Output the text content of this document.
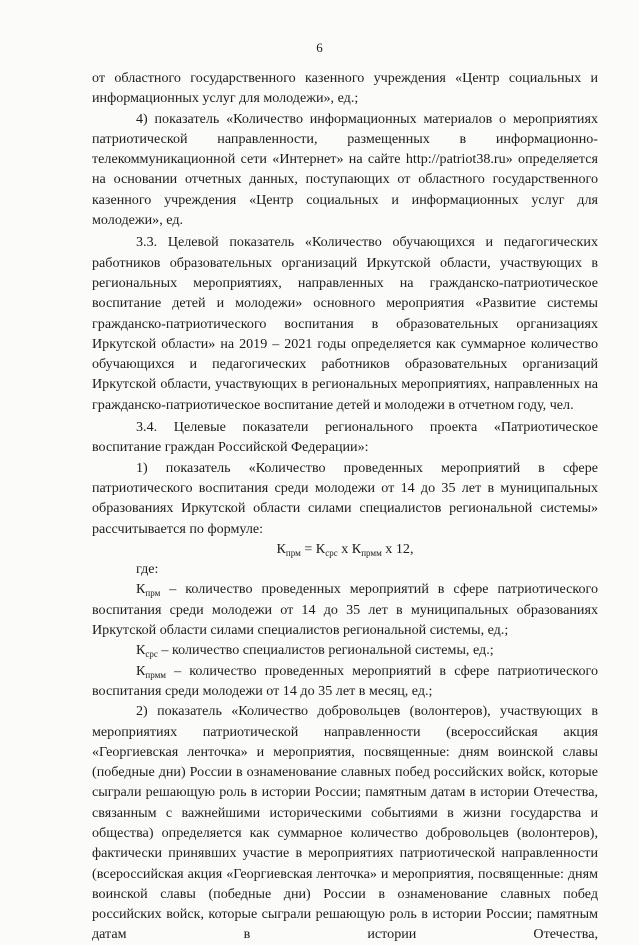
6

от областного государственного казенного учреждения «Центр социальных и информационных услуг для молодежи», ед.;

4) показатель «Количество информационных материалов о мероприятиях патриотической направленности, размещенных в информационно-телекоммуникационной сети «Интернет» на сайте http://patriot38.ru» определяется на основании отчетных данных, поступающих от областного государственного казенного учреждения «Центр социальных и информационных услуг для молодежи», ед.

3.3. Целевой показатель «Количество обучающихся и педагогических работников образовательных организаций Иркутской области, участвующих в региональных мероприятиях, направленных на гражданско-патриотическое воспитание детей и молодежи» основного мероприятия «Развитие системы гражданско-патриотического воспитания в образовательных организациях Иркутской области» на 2019 – 2021 годы определяется как суммарное количество обучающихся и педагогических работников образовательных организаций Иркутской области, участвующих в региональных мероприятиях, направленных на гражданско-патриотическое воспитание детей и молодежи в отчетном году, чел.

3.4. Целевые показатели регионального проекта «Патриотическое воспитание граждан Российской Федерации»:

1) показатель «Количество проведенных мероприятий в сфере патриотического воспитания среди молодежи от 14 до 35 лет в муниципальных образованиях Иркутской области силами специалистов региональной системы» рассчитывается по формуле:

$К_{прм} = К_{срс}$ х $К_{прмм}$ х 12,

где:

$К_{прм}$ – количество проведенных мероприятий в сфере патриотического воспитания среди молодежи от 14 до 35 лет в муниципальных образованиях Иркутской области силами специалистов региональной системы, ед.;

$К_{срс}$ – количество специалистов региональной системы, ед.;

$К_{прмм}$ – количество проведенных мероприятий в сфере патриотического воспитания среди молодежи от 14 до 35 лет в месяц, ед.;

2) показатель «Количество добровольцев (волонтеров), участвующих в мероприятиях патриотической направленности (всероссийская акция «Георгиевская ленточка» и мероприятия, посвященные: дням воинской славы (победные дни) России в ознаменование славных побед российских войск, которые сыграли решающую роль в истории России; памятным датам в истории Отечества, связанным с важнейшими историческими событиями в жизни государства и общества) определяется как суммарное количество добровольцев (волонтеров), фактически принявших участие в мероприятиях патриотической направленности (всероссийская акция «Георгиевская ленточка» и мероприятия, посвященные: дням воинской славы (победные дни) России в ознаменование славных побед российских войск, которые сыграли решающую роль в истории России; памятным датам в истории Отечества,
